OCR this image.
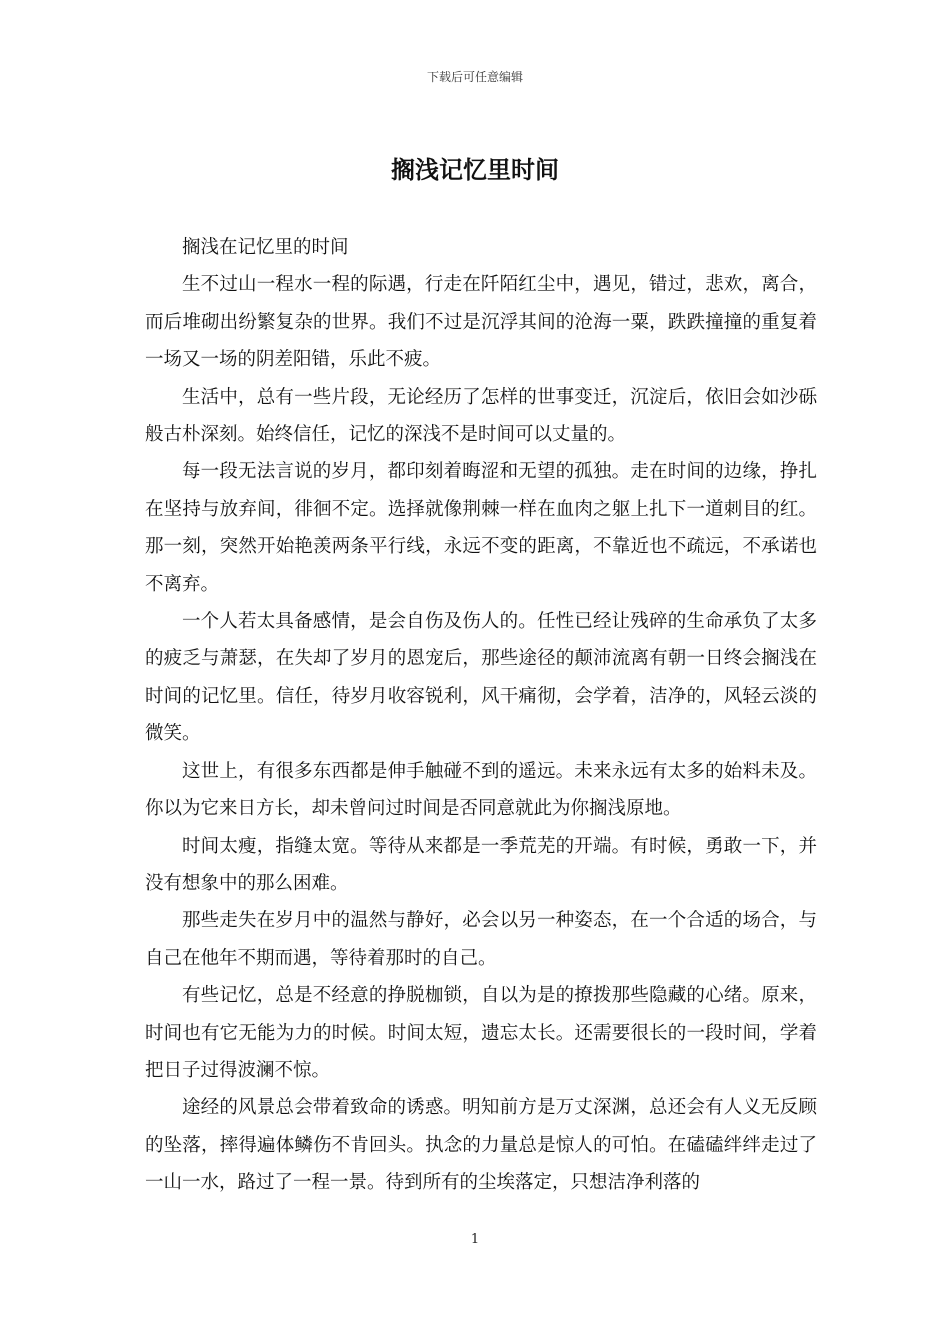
下载后可任意编辑
搁浅记忆里时间

搁浅在记忆里的时间

生不过山一程水一程的际遇，行走在阡陌红尘中，遇见，错过，悲欢，离合，而后堆砌出纷繁复杂的世界。我们不过是沉浮其间的沧海一粟，跌跌撞撞的重复着一场又一场的阴差阳错，乐此不疲。

生活中，总有一些片段，无论经历了怎样的世事变迁，沉淀后，依旧会如沙砾般古朴深刻。始终信任，记忆的深浅不是时间可以丈量的。

每一段无法言说的岁月，都印刻着晦涩和无望的孤独。走在时间的边缘，挣扎在坚持与放弃间，徘徊不定。选择就像荆棘一样在血肉之躯上扎下一道刺目的红。那一刻，突然开始艳羡两条平行线，永远不变的距离，不靠近也不疏远，不承诺也不离弃。

一个人若太具备感情，是会自伤及伤人的。任性已经让残碎的生命承负了太多的疲乏与萧瑟，在失却了岁月的恩宠后，那些途径的颠沛流离有朝一日终会搁浅在时间的记忆里。信任，待岁月收容锐利，风干痛彻，会学着，洁净的，风轻云淡的微笑。

这世上，有很多东西都是伸手触碰不到的遥远。未来永远有太多的始料未及。你以为它来日方长，却未曾问过时间是否同意就此为你搁浅原地。

时间太瘦，指缝太宽。等待从来都是一季荒芜的开端。有时候，勇敢一下，并没有想象中的那么困难。

那些走失在岁月中的温然与静好，必会以另一种姿态，在一个合适的场合，与自己在他年不期而遇，等待着那时的自己。

有些记忆，总是不经意的挣脱枷锁，自以为是的撩拨那些隐藏的心绪。原来，时间也有它无能为力的时候。时间太短，遗忘太长。还需要很长的一段时间，学着把日子过得波澜不惊。

途经的风景总会带着致命的诱惑。明知前方是万丈深渊，总还会有人义无反顾的坠落，摔得遍体鳞伤不肯回头。执念的力量总是惊人的可怕。在磕磕绊绊走过了一山一水，路过了一程一景。待到所有的尘埃落定，只想洁净利落的

1
